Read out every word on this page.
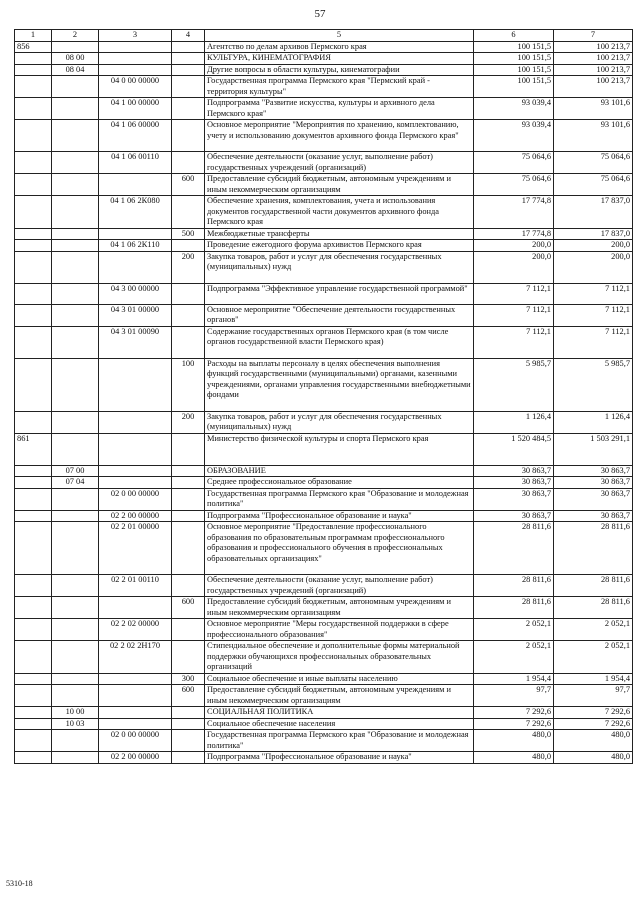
57
1	2	3	4	5	6	7
856				Агентство по делам архивов Пермского края	100 151,5	100 213,7
	08 00			КУЛЬТУРА, КИНЕМАТОГРАФИЯ	100 151,5	100 213,7
	08 04			Другие вопросы в области культуры, кинематографии	100 151,5	100 213,7
		04 0 00 00000		Государственная программа Пермского края "Пермский край - территория культуры"	100 151,5	100 213,7
		04 1 00 00000		Подпрограмма "Развитие искусства, культуры и архивного дела Пермского края"	93 039,4	93 101,6
		04 1 06 00000		Основное мероприятие "Мероприятия по хранению, комплектованию, учету и использованию документов архивного фонда Пермского края"	93 039,4	93 101,6
		04 1 06 00110		Обеспечение деятельности (оказание услуг, выполнение работ) государственных учреждений (организаций)	75 064,6	75 064,6
			600	Предоставление субсидий бюджетным, автономным учреждениям и иным некоммерческим организациям	75 064,6	75 064,6
		04 1 06 2К080		Обеспечение хранения, комплектования, учета и использования документов государственной части документов архивного фонда Пермского края	17 774,8	17 837,0
			500	Межбюджетные трансферты	17 774,8	17 837,0
		04 1 06 2К110		Проведение ежегодного форума архивистов Пермского края	200,0	200,0
			200	Закупка товаров, работ и услуг для обеспечения государственных (муниципальных) нужд	200,0	200,0
		04 3 00 00000		Подпрограмма "Эффективное управление государственной программой"	7 112,1	7 112,1
		04 3 01 00000		Основное мероприятие "Обеспечение деятельности государственных органов"	7 112,1	7 112,1
		04 3 01 00090		Содержание государственных органов Пермского края (в том числе органов государственной власти Пермского края)	7 112,1	7 112,1
			100	Расходы на выплаты персоналу в целях обеспечения выполнения функций государственными (муниципальными) органами, казенными учреждениями, органами управления государственными внебюджетными фондами	5 985,7	5 985,7
			200	Закупка товаров, работ и услуг для обеспечения государственных (муниципальных) нужд	1 126,4	1 126,4
861				Министерство физической культуры и спорта Пермского края	1 520 484,5	1 503 291,1
	07 00			ОБРАЗОВАНИЕ	30 863,7	30 863,7
	07 04			Среднее профессиональное образование	30 863,7	30 863,7
		02 0 00 00000		Государственная программа Пермского края "Образование и молодежная политика"	30 863,7	30 863,7
		02 2 00 00000		Подпрограмма "Профессиональное образование и наука"	30 863,7	30 863,7
		02 2 01 00000		Основное мероприятие "Предоставление профессионального образования по образовательным программам профессионального образования и профессионального обучения в профессиональных образовательных организациях"	28 811,6	28 811,6
		02 2 01 00110		Обеспечение деятельности (оказание услуг, выполнение работ) государственных учреждений (организаций)	28 811,6	28 811,6
			600	Предоставление субсидий бюджетным, автономным учреждениям и иным некоммерческим организациям	28 811,6	28 811,6
		02 2 02 00000		Основное мероприятие "Меры государственной поддержки в сфере профессионального образования"	2 052,1	2 052,1
		02 2 02 2Н170		Стипендиальное обеспечение и дополнительные формы материальной поддержки обучающихся профессиональных образовательных организаций	2 052,1	2 052,1
			300	Социальное обеспечение и иные выплаты населению	1 954,4	1 954,4
			600	Предоставление субсидий бюджетным, автономным учреждениям и иным некоммерческим организациям	97,7	97,7
	10 00			СОЦИАЛЬНАЯ ПОЛИТИКА	7 292,6	7 292,6
	10 03			Социальное обеспечение населения	7 292,6	7 292,6
		02 0 00 00000		Государственная программа Пермского края "Образование и молодежная политика"	480,0	480,0
		02 2 00 00000		Подпрограмма "Профессиональное образование и наука"	480,0	480,0
5310-18
